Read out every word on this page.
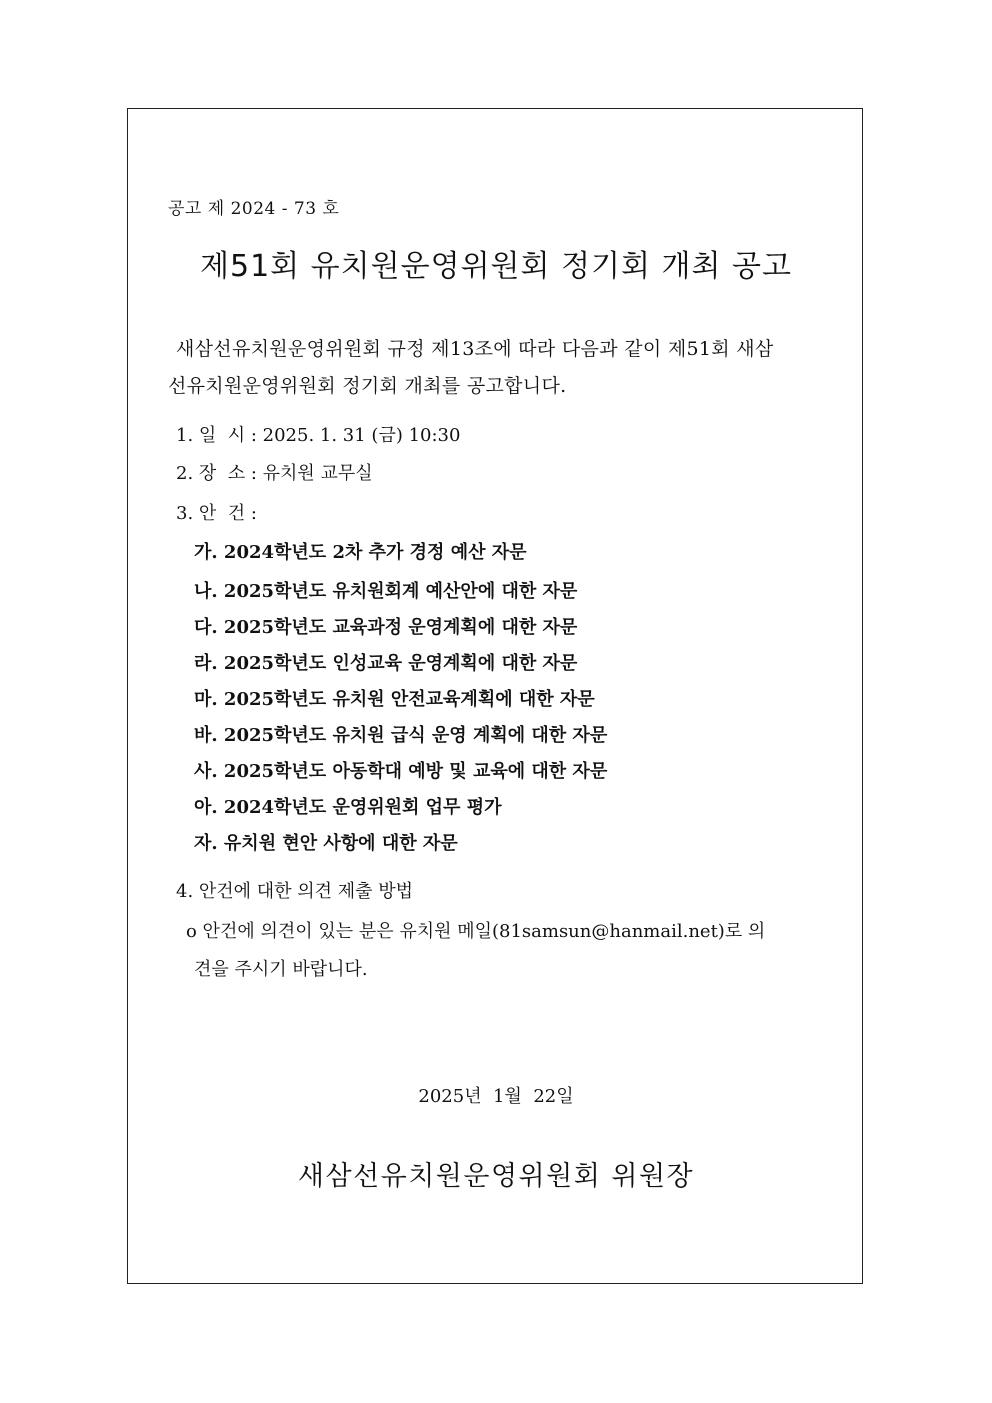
공고 제 2024 - 73 호
제51회 유치원운영위원회 정기회 개최 공고
새삼선유치원운영위원회 규정 제13조에 따라 다음과 같이 제51회 새삼
선유치원운영위원회 정기회 개최를 공고합니다.
1. 일  시 : 2025. 1. 31 (금) 10:30
2. 장  소 : 유치원 교무실
3. 안  건 :
가. 2024학년도 2차 추가 경정 예산 자문
나. 2025학년도 유치원회계 예산안에 대한 자문
다. 2025학년도 교육과정 운영계획에 대한 자문
라. 2025학년도 인성교육 운영계획에 대한 자문
마. 2025학년도 유치원 안전교육계획에 대한 자문
바. 2025학년도 유치원 급식 운영 계획에 대한 자문
사. 2025학년도 아동학대 예방 및 교육에 대한 자문
아. 2024학년도 운영위원회 업무 평가
자. 유치원 현안 사항에 대한 자문
4. 안건에 대한 의견 제출 방법
o 안건에 의견이 있는 분은 유치원 메일(81samsun@hanmail.net)로 의
견을 주시기 바랍니다.
2025년  1월  22일
새삼선유치원운영위원회 위원장
